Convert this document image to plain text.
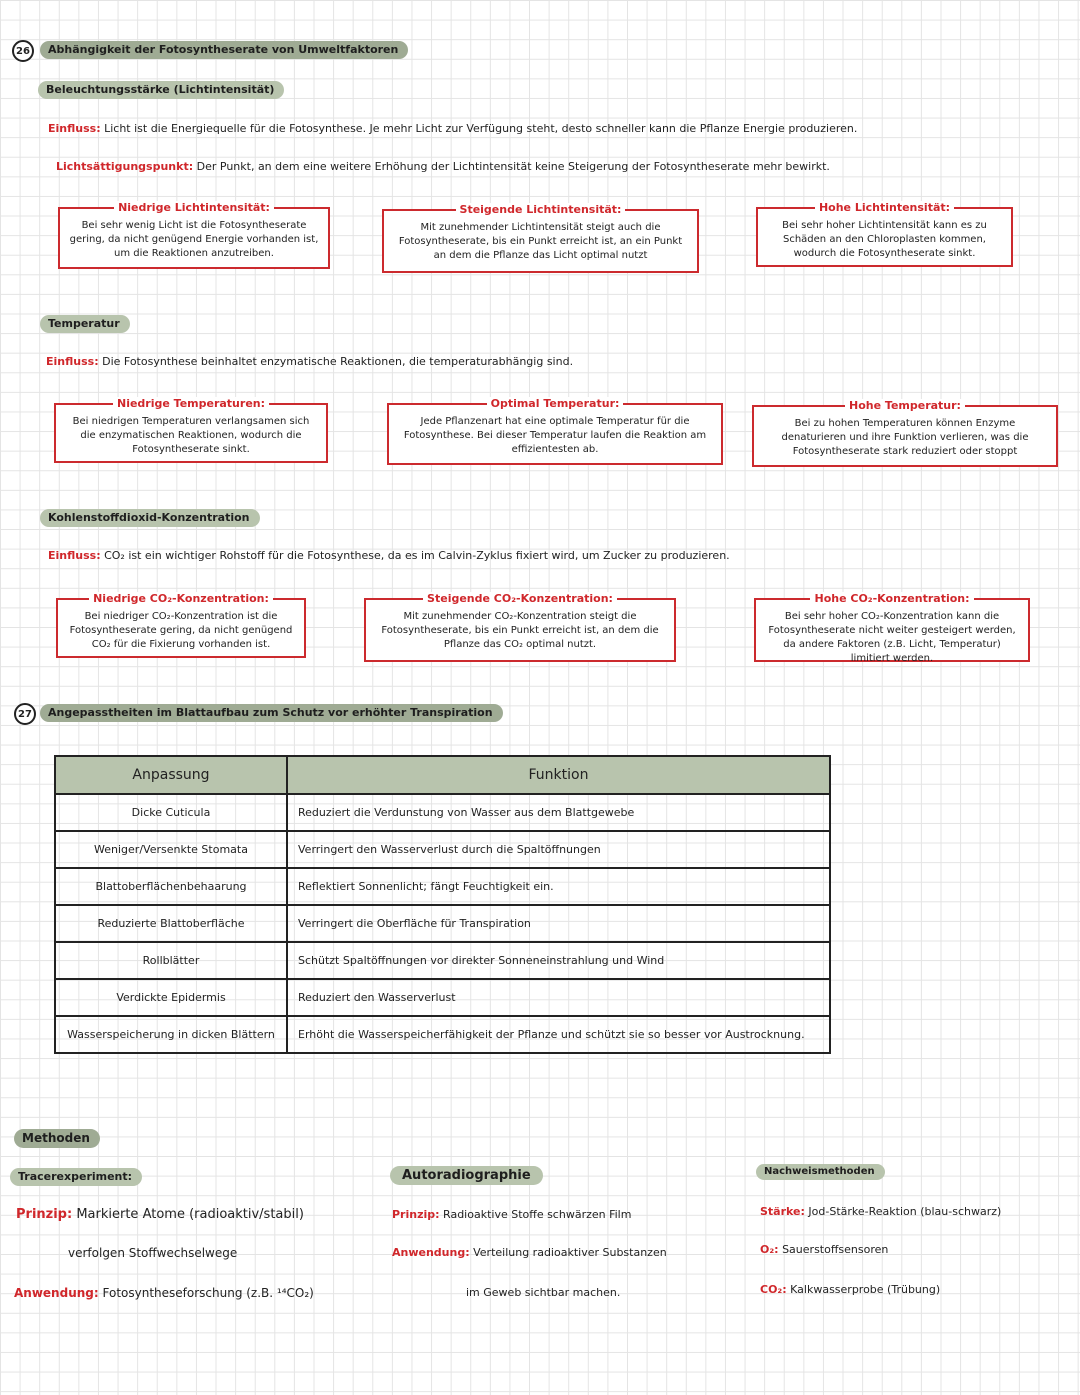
26	Abhängigkeit der Fotosyntheserate von Umweltfaktoren
Beleuchtungsstärke (Lichtintensität)
Einfluss: Licht ist die Energiequelle für die Fotosynthese. Je mehr Licht zur Verfügung steht, desto schneller kann die Pflanze Energie produzieren.
Lichtsättigungspunkt: Der Punkt, an dem eine weitere Erhöhung der Lichtintensität keine Steigerung der Fotosyntheserate mehr bewirkt.
Niedrige Lichtintensität:
Bei sehr wenig Licht ist die Fotosyntheserate gering, da nicht genügend Energie vorhanden ist, um die Reaktionen anzutreiben.
Steigende Lichtintensität:
Mit zunehmender Lichtintensität steigt auch die Fotosyntheserate, bis ein Punkt erreicht ist, an ein Punkt an dem die Pflanze das Licht optimal nutzt
Hohe Lichtintensität:
Bei sehr hoher Lichtintensität kann es zu Schäden an den Chloroplasten kommen, wodurch die Fotosyntheserate sinkt.
Temperatur
Einfluss: Die Fotosynthese beinhaltet enzymatische Reaktionen, die temperaturabhängig sind.
Niedrige Temperaturen:
Bei niedrigen Temperaturen verlangsamen sich die enzymatischen Reaktionen, wodurch die Fotosyntheserate sinkt.
Optimal Temperatur:
Jede Pflanzenart hat eine optimale Temperatur für die Fotosynthese. Bei dieser Temperatur laufen die Reaktion am effizientesten ab.
Hohe Temperatur:
Bei zu hohen Temperaturen können Enzyme denaturieren und ihre Funktion verlieren, was die Fotosyntheserate stark reduziert oder stoppt
Kohlenstoffdioxid-Konzentration
Einfluss: CO₂ ist ein wichtiger Rohstoff für die Fotosynthese, da es im Calvin-Zyklus fixiert wird, um Zucker zu produzieren.
Niedrige CO₂-Konzentration:
Bei niedriger CO₂-Konzentration ist die Fotosyntheserate gering, da nicht genügend CO₂ für die Fixierung vorhanden ist.
Steigende CO₂-Konzentration:
Mit zunehmender CO₂-Konzentration steigt die Fotosyntheserate, bis ein Punkt erreicht ist, an dem die Pflanze das CO₂ optimal nutzt.
Hohe CO₂-Konzentration:
Bei sehr hoher CO₂-Konzentration kann die Fotosyntheserate nicht weiter gesteigert werden, da andere Faktoren (z.B. Licht, Temperatur) limitiert werden.
27	Angepasstheiten im Blattaufbau zum Schutz vor erhöhter Transpiration
Anpassung	Funktion
Dicke Cuticula	Reduziert die Verdunstung von Wasser aus dem Blattgewebe
Weniger/Versenkte Stomata	Verringert den Wasserverlust durch die Spaltöffnungen
Blattoberflächenbehaarung	Reflektiert Sonnenlicht; fängt Feuchtigkeit ein.
Reduzierte Blattoberfläche	Verringert die Oberfläche für Transpiration
Rollblätter	Schützt Spaltöffnungen vor direkter Sonneneinstrahlung und Wind
Verdickte Epidermis	Reduziert den Wasserverlust
Wasserspeicherung in dicken Blättern	Erhöht die Wasserspeicherfähigkeit der Pflanze und schützt sie so besser vor Austrocknung.
Methoden
Tracerexperiment:
Prinzip: Markierte Atome (radioaktiv/stabil)
verfolgen Stoffwechselwege
Anwendung: Fotosyntheseforschung (z.B. ¹⁴CO₂)
Autoradiographie
Prinzip: Radioaktive Stoffe schwärzen Film
Anwendung: Verteilung radioaktiver Substanzen
im Geweb sichtbar machen.
Nachweismethoden
Stärke: Jod-Stärke-Reaktion (blau-schwarz)
O₂: Sauerstoffsensoren
CO₂: Kalkwasserprobe (Trübung)
